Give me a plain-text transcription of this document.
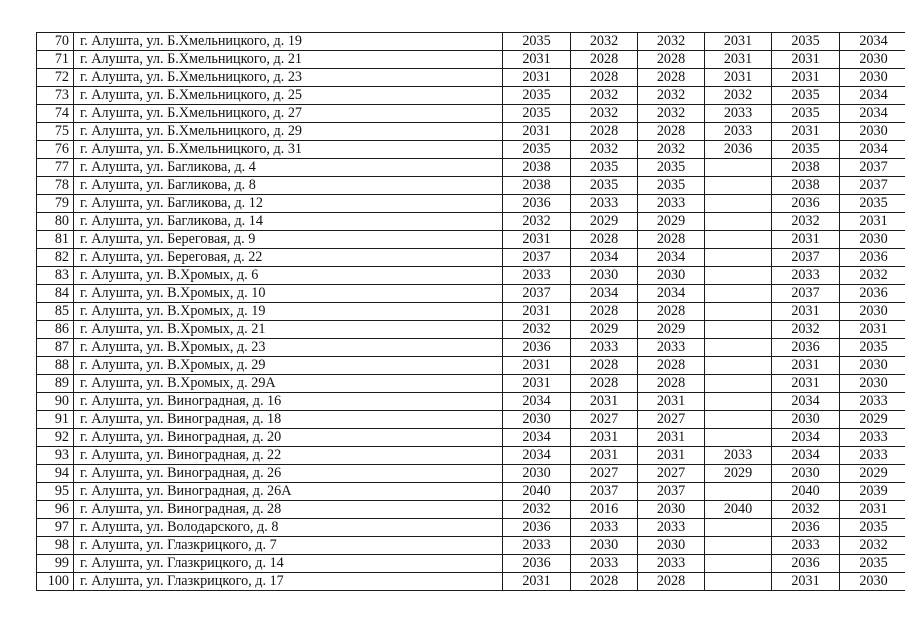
70	г. Алушта, ул. Б.Хмельницкого, д. 19	2035	2032	2032	2031	2035	2034
71	г. Алушта, ул. Б.Хмельницкого, д. 21	2031	2028	2028	2031	2031	2030
72	г. Алушта, ул. Б.Хмельницкого, д. 23	2031	2028	2028	2031	2031	2030
73	г. Алушта, ул. Б.Хмельницкого, д. 25	2035	2032	2032	2032	2035	2034
74	г. Алушта, ул. Б.Хмельницкого, д. 27	2035	2032	2032	2033	2035	2034
75	г. Алушта, ул. Б.Хмельницкого, д. 29	2031	2028	2028	2033	2031	2030
76	г. Алушта, ул. Б.Хмельницкого, д. 31	2035	2032	2032	2036	2035	2034
77	г. Алушта, ул. Багликова, д. 4	2038	2035	2035		2038	2037
78	г. Алушта, ул. Багликова, д. 8	2038	2035	2035		2038	2037
79	г. Алушта, ул. Багликова, д. 12	2036	2033	2033		2036	2035
80	г. Алушта, ул. Багликова, д. 14	2032	2029	2029		2032	2031
81	г. Алушта, ул. Береговая, д. 9	2031	2028	2028		2031	2030
82	г. Алушта, ул. Береговая, д. 22	2037	2034	2034		2037	2036
83	г. Алушта, ул. В.Хромых, д. 6	2033	2030	2030		2033	2032
84	г. Алушта, ул. В.Хромых, д. 10	2037	2034	2034		2037	2036
85	г. Алушта, ул. В.Хромых, д. 19	2031	2028	2028		2031	2030
86	г. Алушта, ул. В.Хромых, д. 21	2032	2029	2029		2032	2031
87	г. Алушта, ул. В.Хромых, д. 23	2036	2033	2033		2036	2035
88	г. Алушта, ул. В.Хромых, д. 29	2031	2028	2028		2031	2030
89	г. Алушта, ул. В.Хромых, д. 29А	2031	2028	2028		2031	2030
90	г. Алушта, ул. Виноградная, д. 16	2034	2031	2031		2034	2033
91	г. Алушта, ул. Виноградная, д. 18	2030	2027	2027		2030	2029
92	г. Алушта, ул. Виноградная, д. 20	2034	2031	2031		2034	2033
93	г. Алушта, ул. Виноградная, д. 22	2034	2031	2031	2033	2034	2033
94	г. Алушта, ул. Виноградная, д. 26	2030	2027	2027	2029	2030	2029
95	г. Алушта, ул. Виноградная, д. 26А	2040	2037	2037		2040	2039
96	г. Алушта, ул. Виноградная, д. 28	2032	2016	2030	2040	2032	2031
97	г. Алушта, ул. Володарского, д. 8	2036	2033	2033		2036	2035
98	г. Алушта, ул. Глазкрицкого, д. 7	2033	2030	2030		2033	2032
99	г. Алушта, ул. Глазкрицкого, д. 14	2036	2033	2033		2036	2035
100	г. Алушта, ул. Глазкрицкого, д. 17	2031	2028	2028		2031	2030
